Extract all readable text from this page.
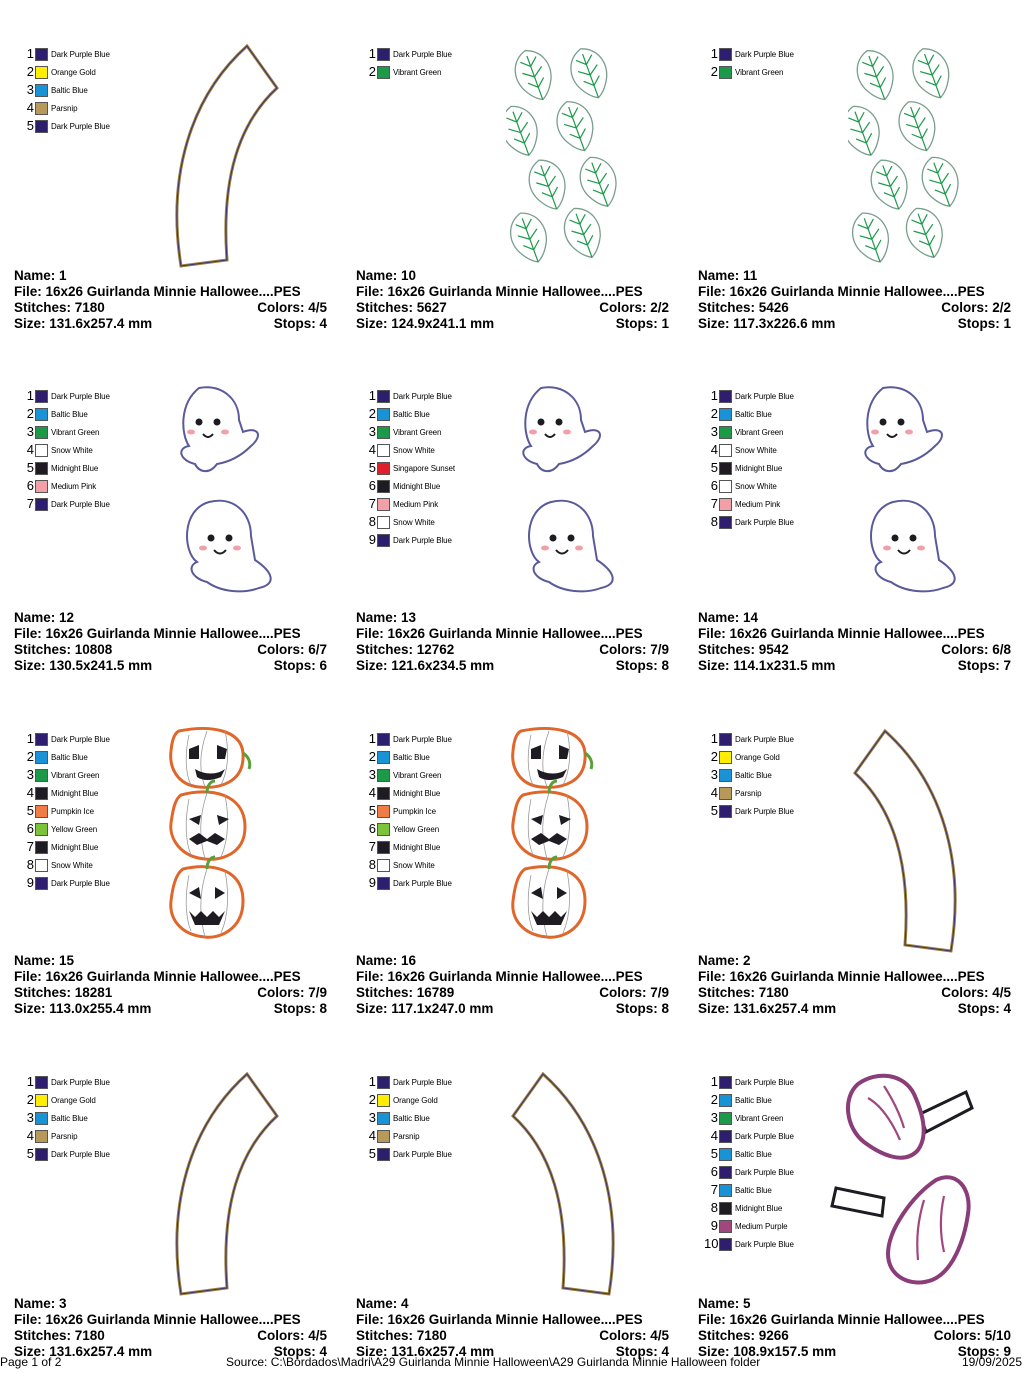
1 Dark Purple Blue
2 Orange Gold
3 Baltic Blue
4 Parsnip
5 Dark Purple Blue
Name: 1
File: 16x26 Guirlanda Minnie Hallowee....PES
Stitches: 7180	Colors: 4/5
Size: 131.6x257.4 mm	Stops: 4
1 Dark Purple Blue
2 Vibrant Green
Name: 10
File: 16x26 Guirlanda Minnie Hallowee....PES
Stitches: 5627	Colors: 2/2
Size: 124.9x241.1 mm	Stops: 1
1 Dark Purple Blue
2 Vibrant Green
Name: 11
File: 16x26 Guirlanda Minnie Hallowee....PES
Stitches: 5426	Colors: 2/2
Size: 117.3x226.6 mm	Stops: 1
1 Dark Purple Blue
2 Baltic Blue
3 Vibrant Green
4 Snow White
5 Midnight Blue
6 Medium Pink
7 Dark Purple Blue
Name: 12
File: 16x26 Guirlanda Minnie Hallowee....PES
Stitches: 10808	Colors: 6/7
Size: 130.5x241.5 mm	Stops: 6
1 Dark Purple Blue
2 Baltic Blue
3 Vibrant Green
4 Snow White
5 Singapore Sunset
6 Midnight Blue
7 Medium Pink
8 Snow White
9 Dark Purple Blue
Name: 13
File: 16x26 Guirlanda Minnie Hallowee....PES
Stitches: 12762	Colors: 7/9
Size: 121.6x234.5 mm	Stops: 8
1 Dark Purple Blue
2 Baltic Blue
3 Vibrant Green
4 Snow White
5 Midnight Blue
6 Snow White
7 Medium Pink
8 Dark Purple Blue
Name: 14
File: 16x26 Guirlanda Minnie Hallowee....PES
Stitches: 9542	Colors: 6/8
Size: 114.1x231.5 mm	Stops: 7
1 Dark Purple Blue
2 Baltic Blue
3 Vibrant Green
4 Midnight Blue
5 Pumpkin Ice
6 Yellow Green
7 Midnight Blue
8 Snow White
9 Dark Purple Blue
Name: 15
File: 16x26 Guirlanda Minnie Hallowee....PES
Stitches: 18281	Colors: 7/9
Size: 113.0x255.4 mm	Stops: 8
1 Dark Purple Blue
2 Baltic Blue
3 Vibrant Green
4 Midnight Blue
5 Pumpkin Ice
6 Yellow Green
7 Midnight Blue
8 Snow White
9 Dark Purple Blue
Name: 16
File: 16x26 Guirlanda Minnie Hallowee....PES
Stitches: 16789	Colors: 7/9
Size: 117.1x247.0 mm	Stops: 8
1 Dark Purple Blue
2 Orange Gold
3 Baltic Blue
4 Parsnip
5 Dark Purple Blue
Name: 2
File: 16x26 Guirlanda Minnie Hallowee....PES
Stitches: 7180	Colors: 4/5
Size: 131.6x257.4 mm	Stops: 4
1 Dark Purple Blue
2 Orange Gold
3 Baltic Blue
4 Parsnip
5 Dark Purple Blue
Name: 3
File: 16x26 Guirlanda Minnie Hallowee....PES
Stitches: 7180	Colors: 4/5
Size: 131.6x257.4 mm	Stops: 4
1 Dark Purple Blue
2 Orange Gold
3 Baltic Blue
4 Parsnip
5 Dark Purple Blue
Name: 4
File: 16x26 Guirlanda Minnie Hallowee....PES
Stitches: 7180	Colors: 4/5
Size: 131.6x257.4 mm	Stops: 4
1 Dark Purple Blue
2 Baltic Blue
3 Vibrant Green
4 Dark Purple Blue
5 Baltic Blue
6 Dark Purple Blue
7 Baltic Blue
8 Midnight Blue
9 Medium Purple
10 Dark Purple Blue
Name: 5
File: 16x26 Guirlanda Minnie Hallowee....PES
Stitches: 9266	Colors: 5/10
Size: 108.9x157.5 mm	Stops: 9
Page 1 of 2	Source: C:\Bordados\Madri\A29 Guirlanda Minnie Halloween\A29 Guirlanda Minnie Halloween folder	19/09/2025
